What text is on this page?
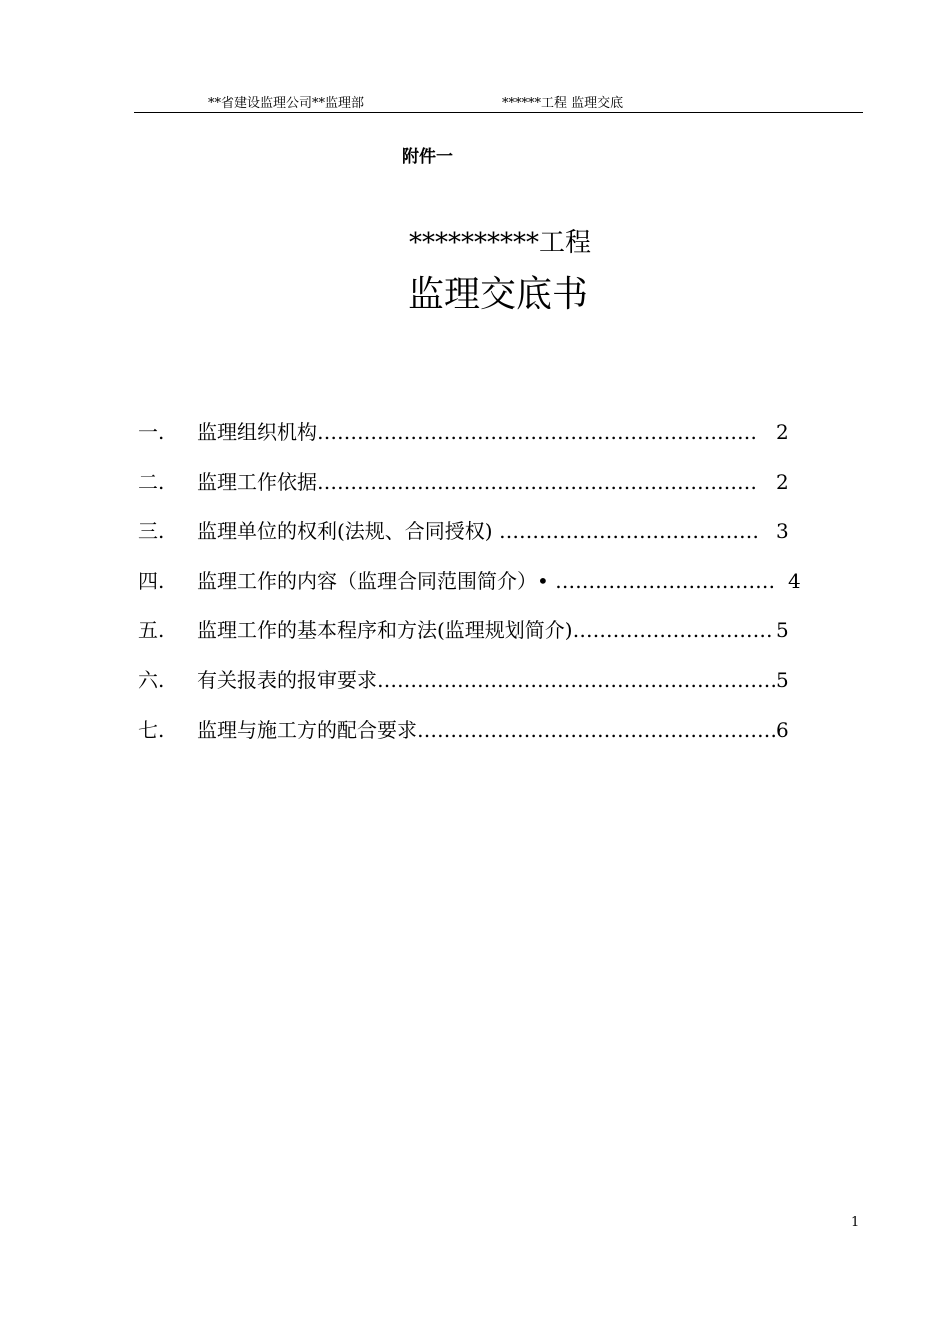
**省建设监理公司**监理部	******工程 监理交底
附件一
**********工程
监理交底书
一. 监理组织机构………………………………………………………… 2
二. 监理工作依据………………………………………………………… 2
三. 监理单位的权利(法规、合同授权) ………………………………… 3
四. 监理工作的内容（监理合同范围简介）• …………………………… 4
五. 监理工作的基本程序和方法(监理规划简介)………………………… 5
六. 有关报表的报审要求…………………………………………………… 5
七. 监理与施工方的配合要求……………………………………………… 6
1
